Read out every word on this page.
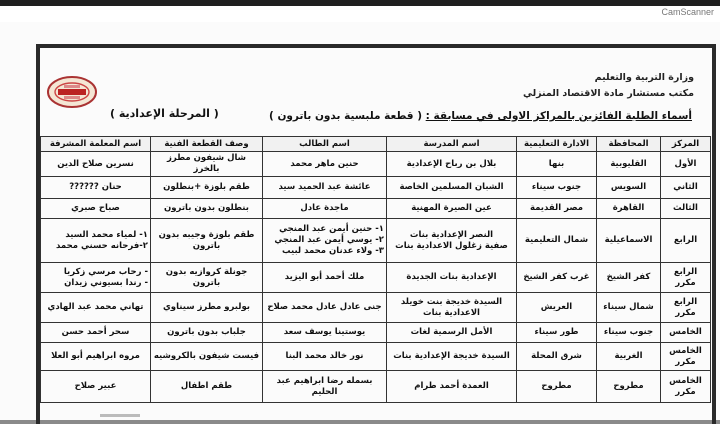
CamScanner
وزارة التربية والتعليم
مكتب مستشار مادة الاقتصاد المنزلي
أسماء الطلبة الفائزين بالمراكز الاولى في مسابقة : ( قطعة ملبسية بدون باترون )
( المرحلة الإعدادية )
المركز	المحافظة	الادارة التعليمية	اسم المدرسة	اسم الطالب	وصف القطعة الفنية	اسم المعلمة المشرفة
الأول	القليوبية	بنها	بلال بن رباح الإعدادية	حنين ماهر محمد	شال شيفون مطرز بالخرز	نسرين صلاح الدين
الثاني	السويس	جنوب سيناء	الشبان المسلمين الخاصة	عائشة عبد الحميد سيد	طقم بلوزة +بنطلون	حنان ??????
الثالث	القاهرة	مصر القديمة	عين الصيرة المهنية	ماجدة عادل	بنطلون بدون باترون	صباح صبري
الرابع	الاسماعيلية	شمال التعليمية	النصر الإعدادية بنات
صفية زغلول الاعدادية بنات	١- حنين أيمن عبد المنجي
٢- يوسي أيمن عبد المنجي
٣- ولاء عدنان محمد لبيب	طقم بلوزة وجيبه بدون باترون	١- لمياء محمد السيد
٢-فرحانه حسني محمد
الرابع مكرر	كفر الشيخ	غرب كفر الشيخ	الإعدادية بنات الجديدة	ملك أحمد أبو اليزيد	جونلة كروازيه بدون باترون	- رحاب مرسي زكريا
- رندا بسيوني زيدان
الرابع مكرر	شمال سيناء	العريش	السيدة خديجة بنت خويلد الاعدادية بنات	جنى عادل عادل محمد صلاح	بولبرو مطرز سيناوي	تهاني محمد عبد الهادي
الخامس	جنوب سيناء	طور سيناء	الأمل الرسمية لغات	يوستينا يوسف سعد	جلباب بدون باترون	سحر أحمد حسن
الخامس مكرر	الغربية	شرق المحلة	السيدة خديجة الإعدادية بنات	نور خالد محمد البنا	فيست شيفون بالكروشيه	مروه ابراهيم أبو العلا
الخامس مكرر	مطروح	مطروح	العمدة أحمد طرام	بسمله رضا ابراهيم عبد الحليم	طقم اطفال	عبير صلاح
